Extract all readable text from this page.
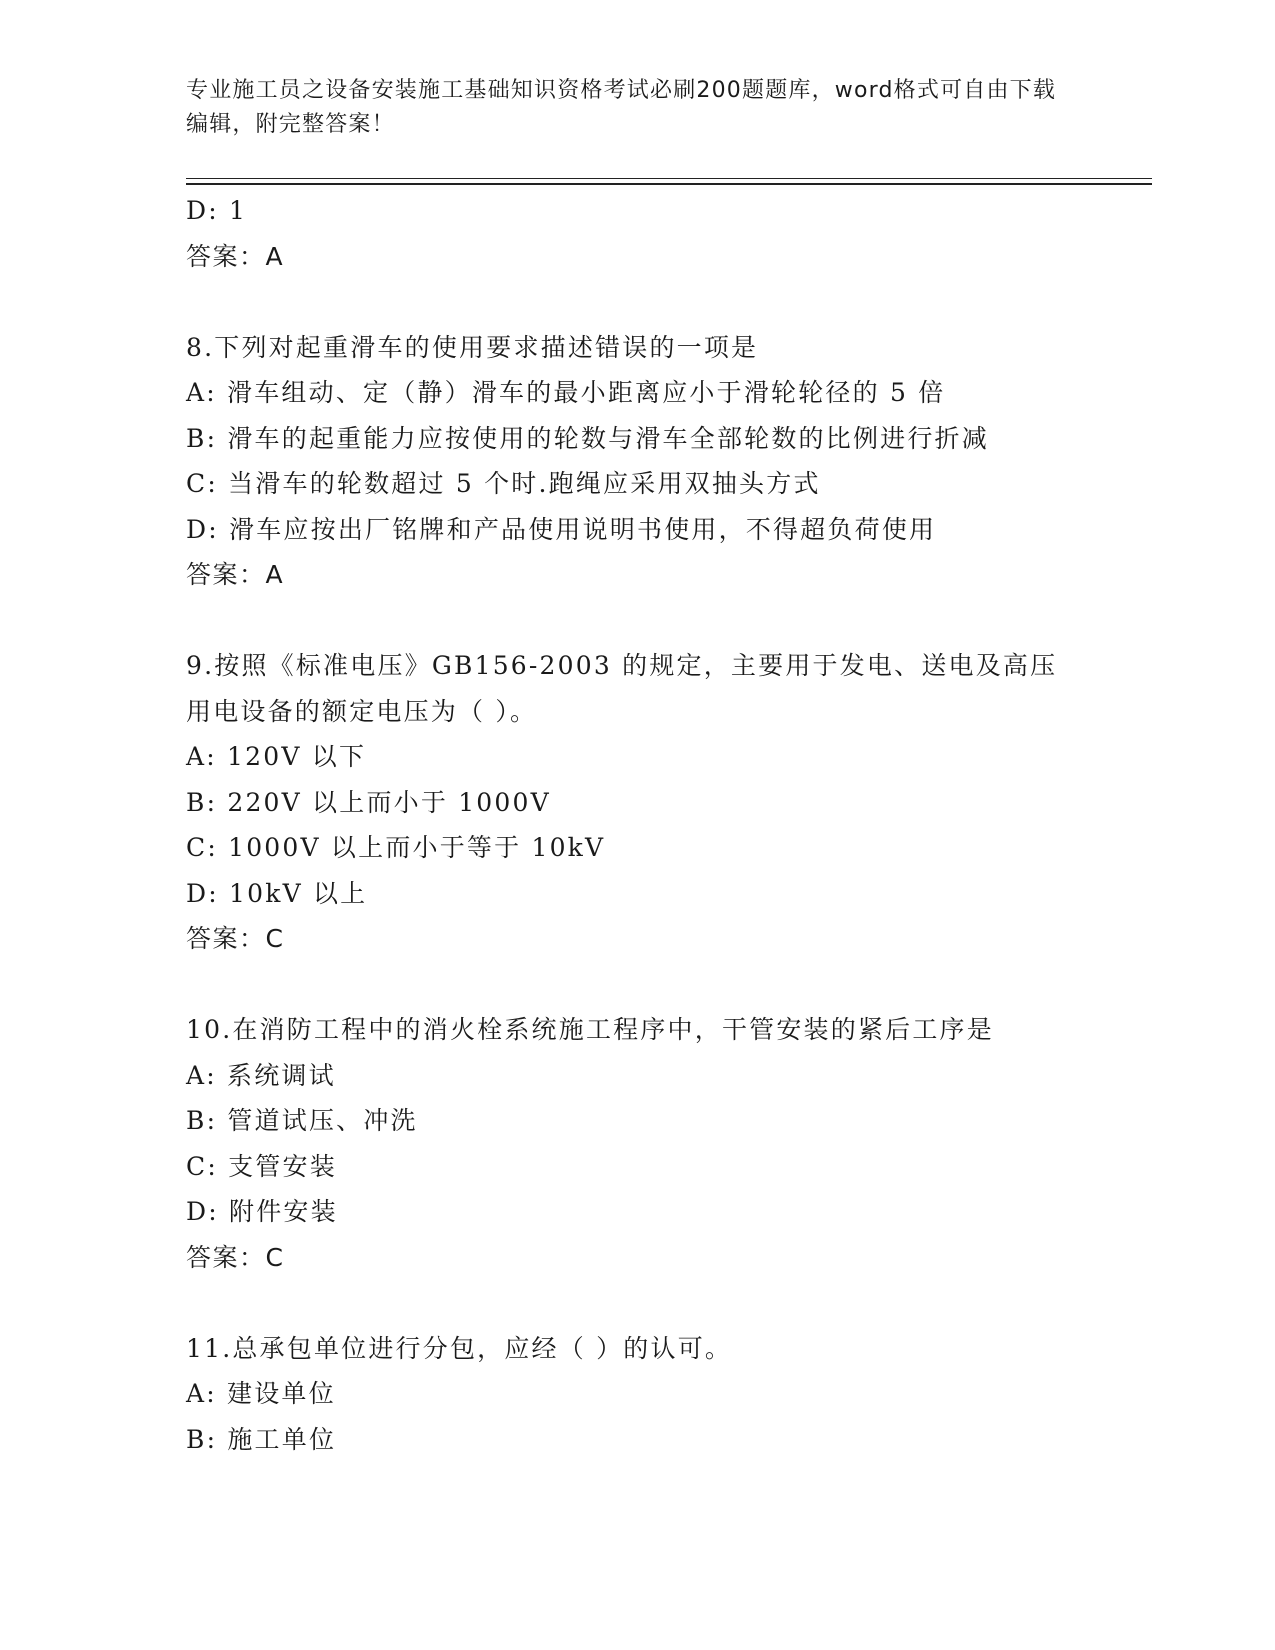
专业施工员之设备安装施工基础知识资格考试必刷200题题库，word格式可自由下载编辑，附完整答案！
D: 1
答案：A
8.下列对起重滑车的使用要求描述错误的一项是
A: 滑车组动、定（静）滑车的最小距离应小于滑轮轮径的 5 倍
B: 滑车的起重能力应按使用的轮数与滑车全部轮数的比例进行折减
C: 当滑车的轮数超过 5 个时.跑绳应采用双抽头方式
D: 滑车应按出厂铭牌和产品使用说明书使用，不得超负荷使用
答案：A
9.按照《标准电压》GB156-2003 的规定，主要用于发电、送电及高压用电设备的额定电压为（ ）。
A: 120V 以下
B: 220V 以上而小于 1000V
C: 1000V 以上而小于等于 10kV
D: 10kV 以上
答案：C
10.在消防工程中的消火栓系统施工程序中，干管安装的紧后工序是
A: 系统调试
B: 管道试压、冲洗
C: 支管安装
D: 附件安装
答案：C
11.总承包单位进行分包，应经（ ）的认可。
A: 建设单位
B: 施工单位
